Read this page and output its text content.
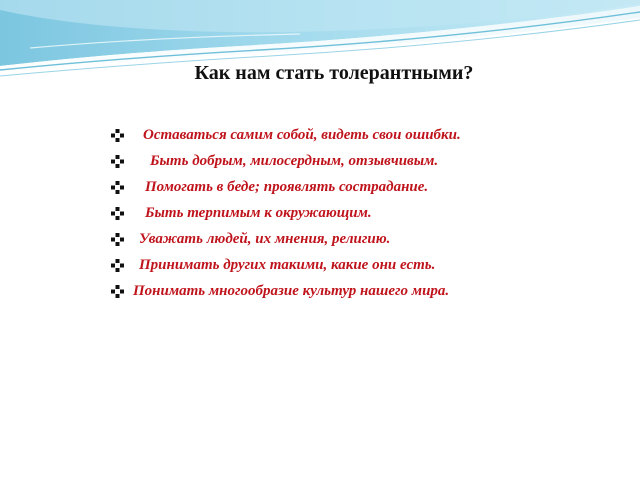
Как нам стать толерантными?
Оставаться самим собой, видеть свои ошибки.
Быть добрым, милосердным, отзывчивым.
Помогать в беде; проявлять сострадание.
Быть терпимым к окружающим.
Уважать людей, их мнения, религию.
Принимать других такими, какие они есть.
Понимать многообразие культур нашего мира.
